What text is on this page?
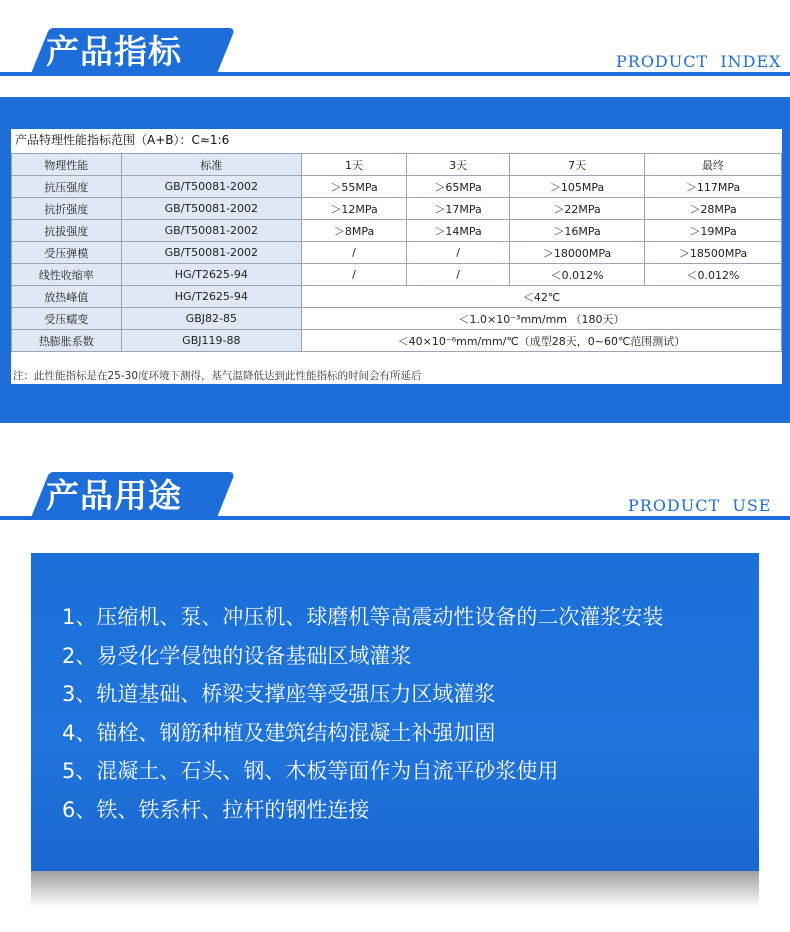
产品指标	PRODUCT  INDEX
产品特理性能指标范围（A+B）：C≈1:6
物理性能	标准	1天	3天	7天	最终
抗压强度	GB/T50081-2002	＞55MPa	＞65MPa	＞105MPa	＞117MPa
抗折强度	GB/T50081-2002	＞12MPa	＞17MPa	＞22MPa	＞28MPa
抗拔强度	GB/T50081-2002	＞8MPa	＞14MPa	＞16MPa	＞19MPa
受压弹模	GB/T50081-2002	/	/	＞18000MPa	＞18500MPa
线性收缩率	HG/T2625-94	/	/	＜0.012%	＜0.012%
放热峰值	HG/T2625-94	＜42℃			
受压蠕变	GBJ82-85	＜1.0×10⁻³mm/mm （180天）			
热膨胀系数	GBJ119-88	＜40×10⁻⁶mm/mm/℃（成型28天，0~60℃范围测试）			
注：此性能指标是在25-30度环境下测得，基气温降低达到此性能指标的时间会有所延后
产品用途	PRODUCT  USE
1、压缩机、泵、冲压机、球磨机等高震动性设备的二次灌浆安装
2、易受化学侵蚀的设备基础区域灌浆
3、轨道基础、桥梁支撑座等受强压力区域灌浆
4、锚栓、钢筋种植及建筑结构混凝土补强加固
5、混凝土、石头、钢、木板等面作为自流平砂浆使用
6、铁、铁系杆、拉杆的钢性连接
